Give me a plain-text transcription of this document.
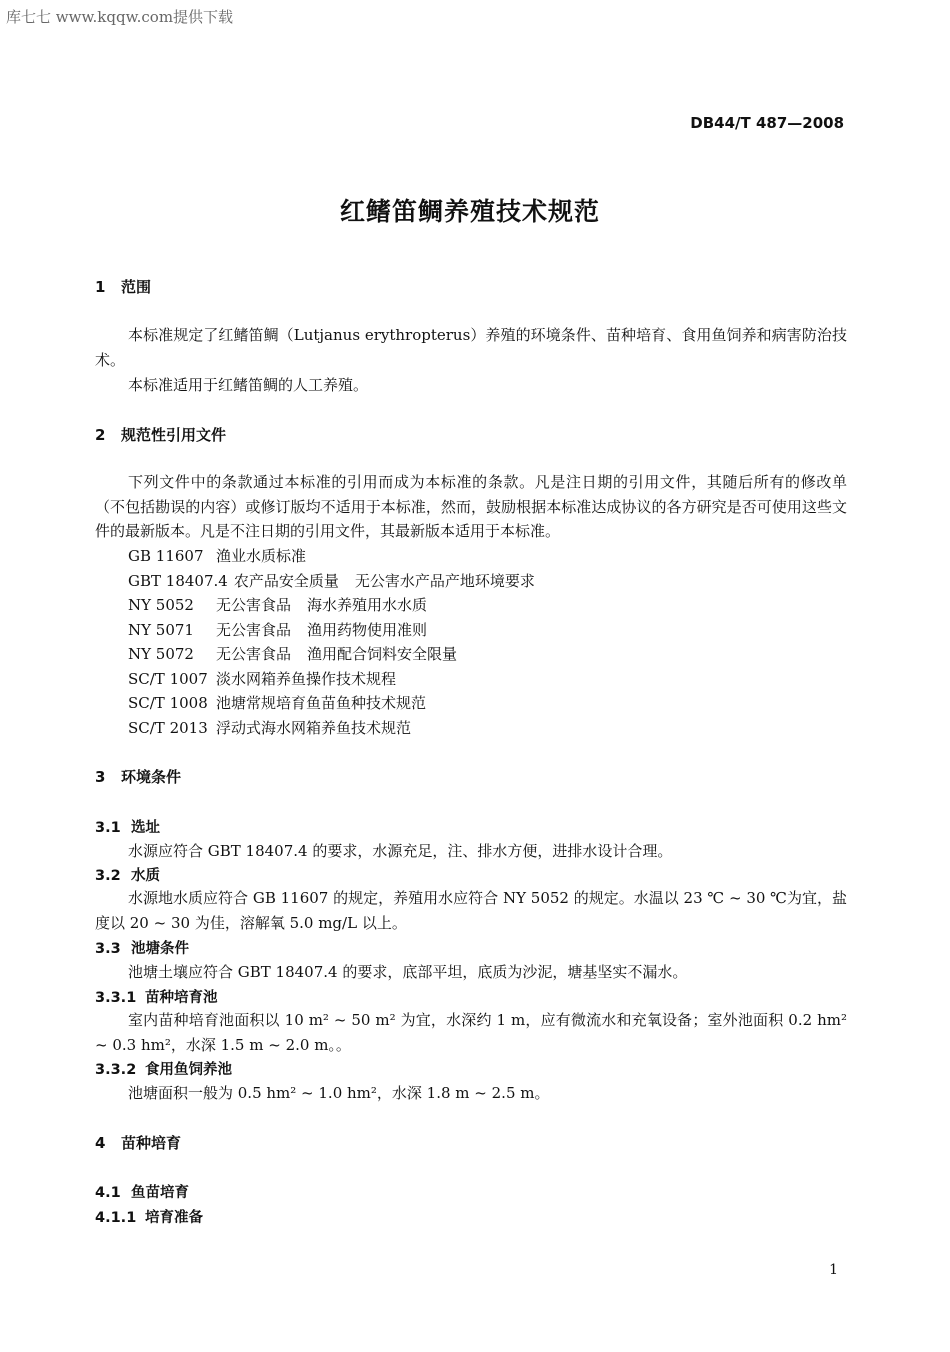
库七七 www.kqqw.com提供下载
DB44/T 487—2008
红鳍笛鲷养殖技术规范
1 范围
本标准规定了红鳍笛鲷（Lutjanus erythropterus）养殖的环境条件、苗种培育、食用鱼饲养和病害防治技术。
本标准适用于红鳍笛鲷的人工养殖。
2 规范性引用文件
下列文件中的条款通过本标准的引用而成为本标准的条款。凡是注日期的引用文件，其随后所有的修改单（不包括勘误的内容）或修订版均不适用于本标准，然而，鼓励根据本标准达成协议的各方研究是否可使用这些文件的最新版本。凡是不注日期的引用文件，其最新版本适用于本标准。
GB 11607 渔业水质标准
GBT 18407.4 农产品安全质量 无公害水产品产地环境要求
NY 5052 无公害食品 海水养殖用水水质
NY 5071 无公害食品 渔用药物使用准则
NY 5072 无公害食品 渔用配合饲料安全限量
SC/T 1007 淡水网箱养鱼操作技术规程
SC/T 1008 池塘常规培育鱼苗鱼种技术规范
SC/T 2013 浮动式海水网箱养鱼技术规范
3 环境条件
3.1 选址
水源应符合 GBT 18407.4 的要求，水源充足，注、排水方便，进排水设计合理。
3.2 水质
水源地水质应符合 GB 11607 的规定，养殖用水应符合 NY 5052 的规定。水温以 23 ℃ ~ 30 ℃为宜，盐度以 20 ~ 30 为佳，溶解氧 5.0 mg/L 以上。
3.3 池塘条件
池塘土壤应符合 GBT 18407.4 的要求，底部平坦，底质为沙泥，塘基坚实不漏水。
3.3.1 苗种培育池
室内苗种培育池面积以 10 m² ~ 50 m² 为宜，水深约 1 m，应有微流水和充氧设备；室外池面积 0.2 hm² ~ 0.3 hm²，水深 1.5 m ~ 2.0 m。。
3.3.2 食用鱼饲养池
池塘面积一般为 0.5 hm² ~ 1.0 hm²，水深 1.8 m ~ 2.5 m。
4 苗种培育
4.1 鱼苗培育
4.1.1 培育准备
1
